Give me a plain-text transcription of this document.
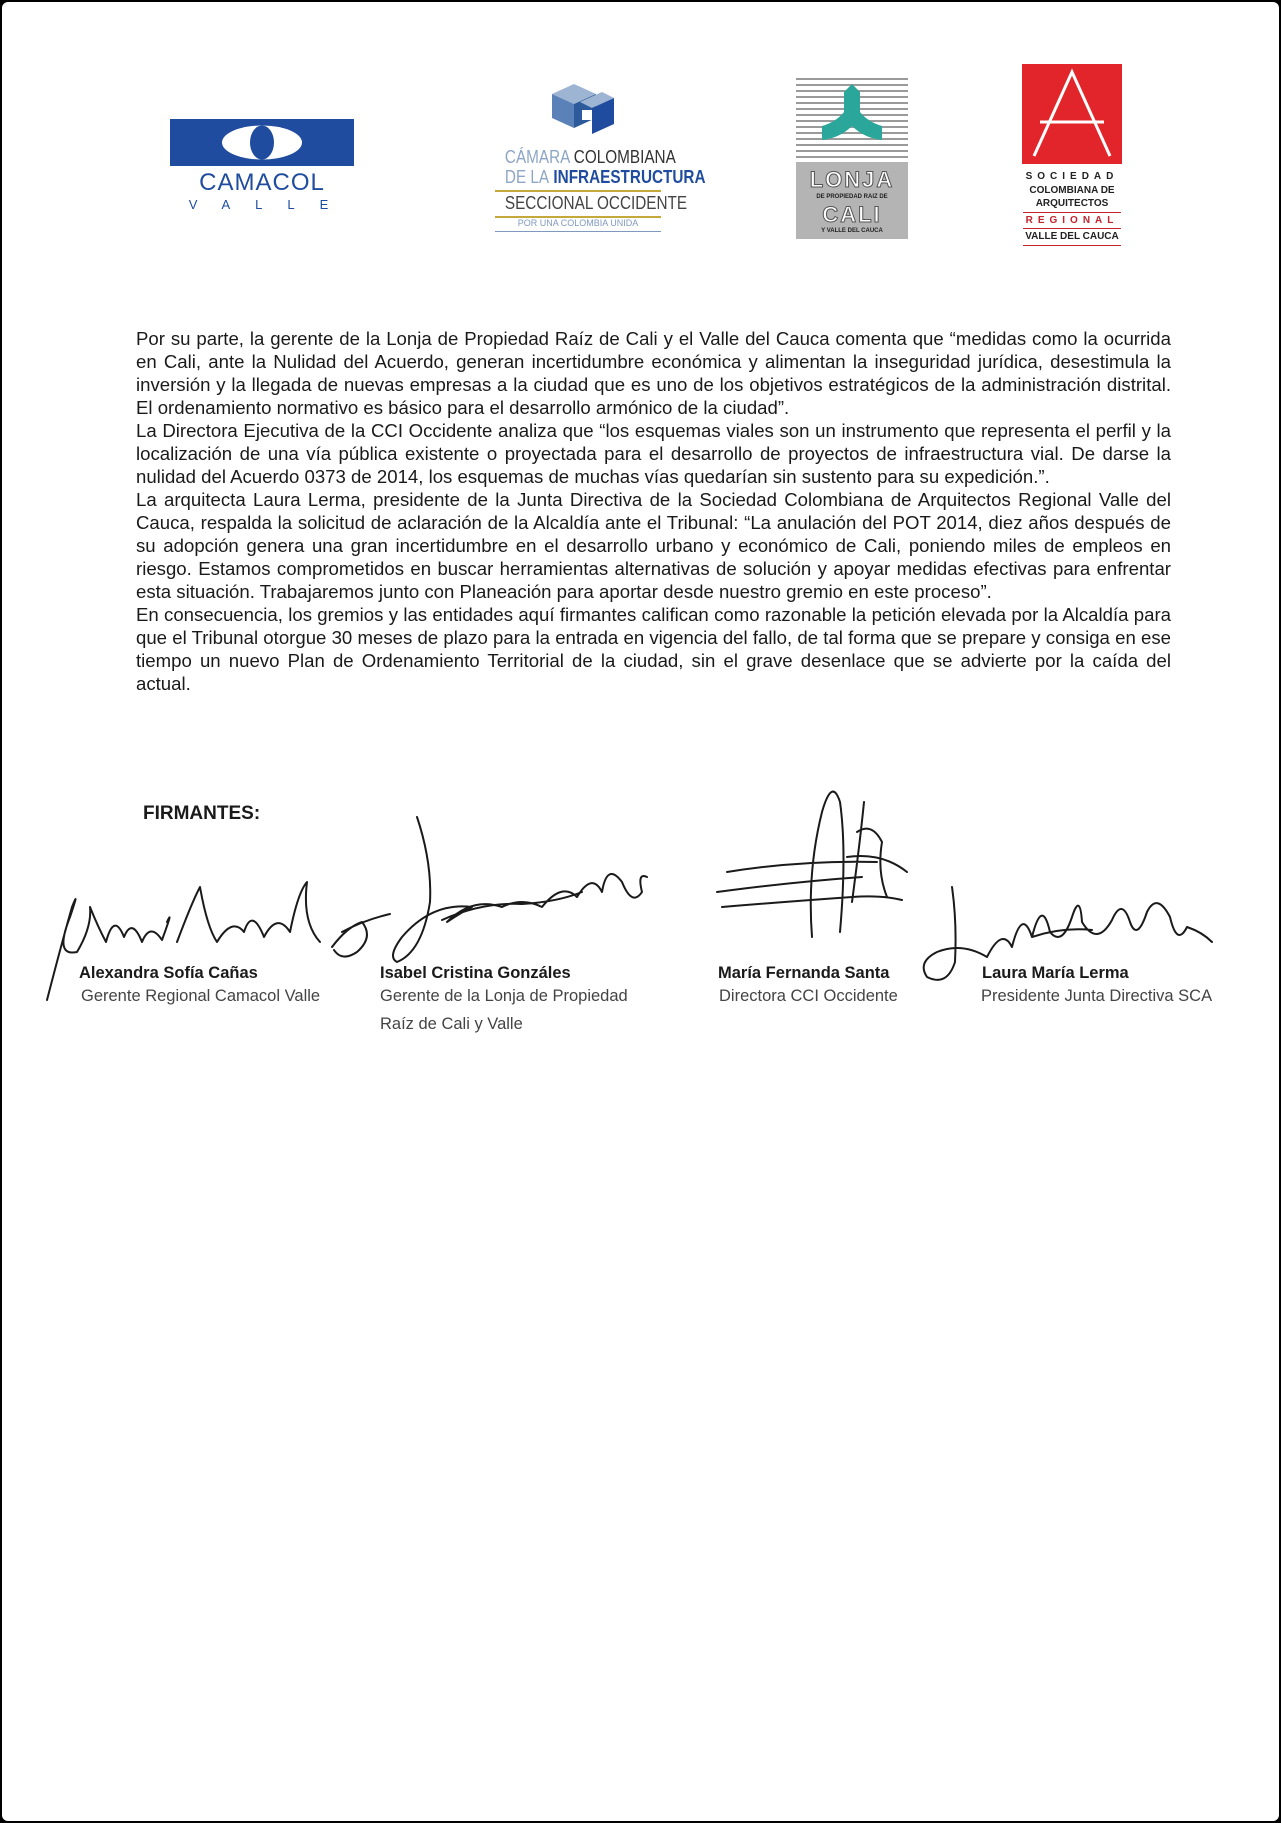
CAMACOL
VALLE
CÁMARA COLOMBIANA
DE LA INFRAESTRUCTURA
SECCIONAL OCCIDENTE
POR UNA COLOMBIA UNIDA
LONJA
DE PROPIEDAD RAIZ DE
CALI
Y VALLE DEL CAUCA
SOCIEDAD
COLOMBIANA DE
ARQUITECTOS
REGIONAL
VALLE DEL CAUCA

Por su parte, la gerente de la Lonja de Propiedad Raíz de Cali y el Valle del Cauca comenta que “medidas como la ocurrida en Cali, ante la Nulidad del Acuerdo, generan incertidumbre económica y alimentan la inseguridad jurídica, desestimula la inversión y la llegada de nuevas empresas a la ciudad que es uno de los objetivos estratégicos de la administración distrital. El ordenamiento normativo es básico para el desarrollo armónico de la ciudad”.

La Directora Ejecutiva de la CCI Occidente analiza que “los esquemas viales son un instrumento que representa el perfil y la localización de una vía pública existente o proyectada para el desarrollo de proyectos de infraestructura vial. De darse la nulidad del Acuerdo 0373 de 2014, los esquemas de muchas vías quedarían sin sustento para su expedición.”.

La arquitecta Laura Lerma, presidente de la Junta Directiva de la Sociedad Colombiana de Arquitectos Regional Valle del Cauca, respalda la solicitud de aclaración de la Alcaldía ante el Tribunal: “La anulación del POT 2014, diez años después de su adopción genera una gran incertidumbre en el desarrollo urbano y económico de Cali, poniendo miles de empleos en riesgo. Estamos comprometidos en buscar herramientas alternativas de solución y apoyar medidas efectivas para enfrentar esta situación. Trabajaremos junto con Planeación para aportar desde nuestro gremio en este proceso”.

En consecuencia, los gremios y las entidades aquí firmantes califican como razonable la petición elevada por la Alcaldía para que el Tribunal otorgue 30 meses de plazo para la entrada en vigencia del fallo, de tal forma que se prepare y consiga en ese tiempo un nuevo Plan de Ordenamiento Territorial de la ciudad, sin el grave desenlace que se advierte por la caída del actual.

FIRMANTES:
Alexandra Sofía Cañas
Gerente Regional Camacol Valle
Isabel Cristina Gonzáles
Gerente de la Lonja de Propiedad
Raíz de Cali y Valle
María Fernanda Santa
Directora CCI Occidente
Laura María Lerma
Presidente Junta Directiva SCA
